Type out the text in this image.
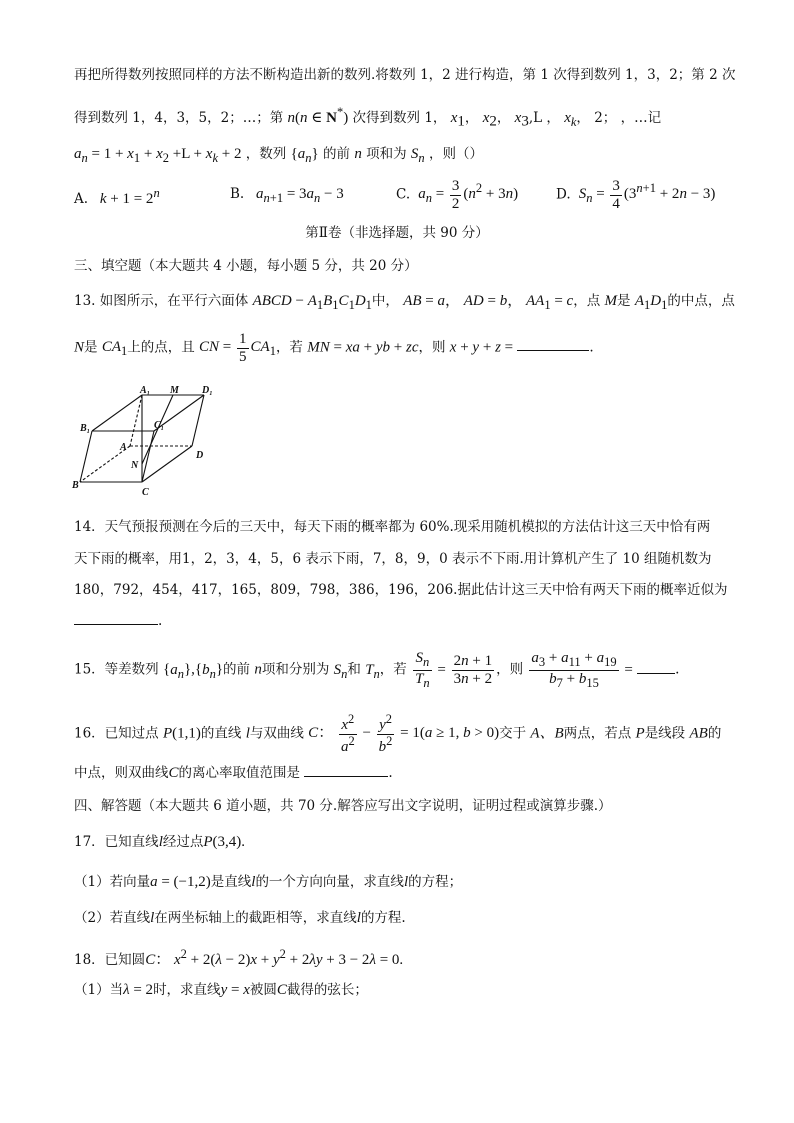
再把所得数列按照同样的方法不断构造出新的数列.将数列 1，2 进行构造，第 1 次得到数列 1，3，2；第 2 次
得到数列 1，4，3，5，2；…；第 n(n ∈ N*) 次得到数列 1， $x_1$， $x_2$， $x_3,L$ ， $x_k$， 2； ，…记
$a_n = 1 + x_1 + x_2 +L + x_k + 2$ ，数列 $\{a_n\}$ 的前 n 项和为 $S_n$ ，则（）
A. $k + 1 = 2^n$	B. $a_{n+1} = 3a_n - 3$	C. $a_n = \frac{3}{2} (n^2 + 3n)$	D. $S_n = \frac{3}{4} (3^{n+1} + 2n - 3)$
第Ⅱ卷（非选择题，共 90 分）
三、填空题（本大题共 4 小题，每小题 5 分，共 20 分）
13. 如图所示，在平行六面体 ABCD − $A_1B_1C_1D_1$中， AB = a， AD = b， $AA_1 = c$，点 M是 $A_1D_1$的中点，点
N是 $CA_1$上的点，且 CN = $\frac{1}{5} CA_1$，若 MN = xa + yb + zc，则 x + y + z =	.
A₁ M D₁
B₁	C₁
A
N
D
B
C
14．天气预报预测在今后的三天中，每天下雨的概率都为 60%.现采用随机模拟的方法估计这三天中恰有两
天下雨的概率，用1，2，3，4，5，6 表示下雨，7，8，9，0 表示不下雨.用计算机产生了 10 组随机数为
180，792，454，417，165，809，798，386，196，206.据此估计这三天中恰有两天下雨的概率近似为
.
15．等差数列 $\{a_n\},\{b_n\}$的前 n项和分别为 $S_n$和 $T_n$，若 $\frac{S_n}{T_n} = \frac{2n + 1}{3n + 2}$ ，则 $\frac{a_3 + a_{11} + a_{19}}{b_7 + b_{15}}$ =	.
16．已知过点 P(1,1)的直线 l与双曲线 C： $\frac{x^2}{a^2} - \frac{y^2}{b^2} = 1(a \ge 1$, b > 0)交于 A、B两点，若点 P是线段 AB的
中点，则双曲线C的离心率取值范围是	.
四、解答题（本大题共 6 道小题，共 70 分.解答应写出文字说明，证明过程或演算步骤.）
17．已知直线l经过点P(3,4).
（1）若向量a = (−1,2)是直线l的一个方向向量，求直线l的方程；
（2）若直线l在两坐标轴上的截距相等，求直线l的方程.
18．已知圆C： $x^2 + 2(\lambda - 2)x + y^2 + 2\lambda y + 3 - 2\lambda = 0$.
（1）当λ = 2时，求直线y = x被圆C截得的弦长；
